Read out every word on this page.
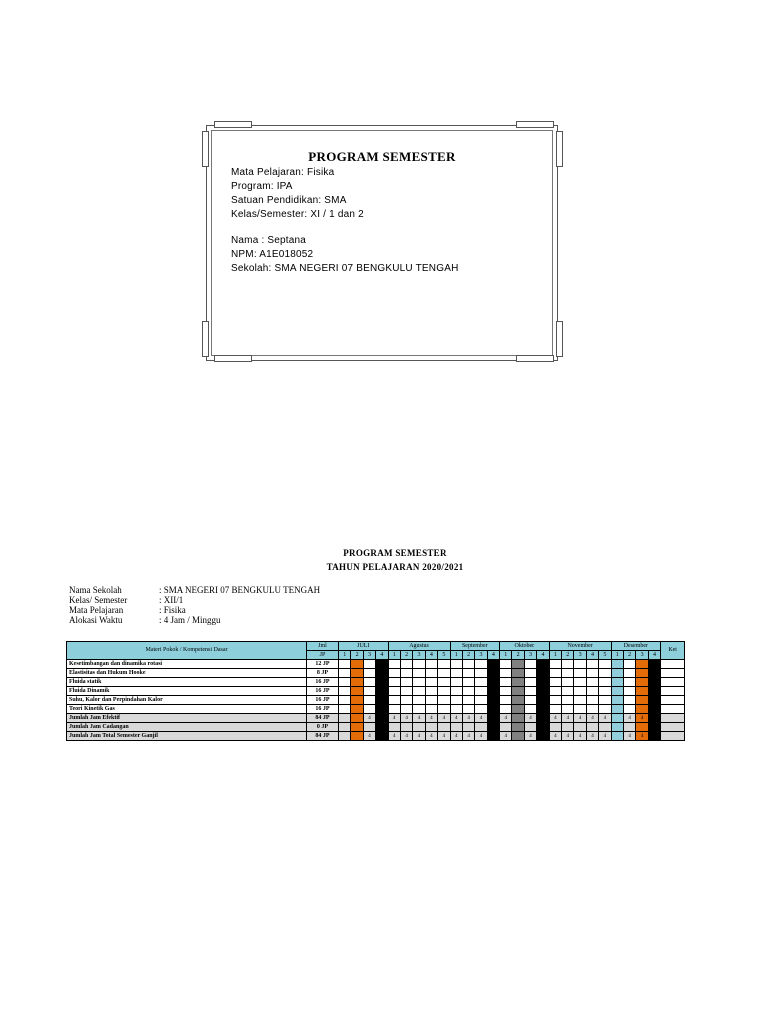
PROGRAM SEMESTER
Mata Pelajaran: Fisika
Program: IPA
Satuan Pendidikan: SMA
Kelas/Semester: XI / 1 dan 2
Nama : Septana
NPM: A1E018052
Sekolah: SMA NEGERI 07 BENGKULU TENGAH
PROGRAM SEMESTER
TAHUN PELAJARAN 2020/2021
Nama Sekolah	: SMA NEGERI 07 BENGKULU TENGAH
Kelas/ Semester	: XII/1
Mata Pelajaran	: Fisika
Alokasi Waktu	: 4 Jam / Minggu
Materi Pokok / Kompetensi Dasar	Jml	JULI				Agustus					September				Oktober				November					Desember				Ket
	JP	1	2	3	4	1	2	3	4	5	1	2	3	4	1	2	3	4	1	2	3	4	5	1	2	3	4	
Kesetimbangan dan dinamika rotasi	12 JP																											
Elastisitas dan Hukum Hooke	8 JP																											
Fluida statik	16 JP																											
Fluida Dinamik	16 JP																											
Suhu, Kalor dan Perpindahan Kalor	16 JP																											
Teori Kinetik Gas	16 JP																											
Jumlah Jam Efektif	84 JP			4		4	4	4	4	4	4	4	4		4		4		4	4	4	4	4		4	4		
Jumlah Jam Cadangan	0 JP																											
Jumlah Jam Total Semester Ganjil	84 JP			4		4	4	4	4	4	4	4	4		4		4		4	4	4	4	4		4	4		
